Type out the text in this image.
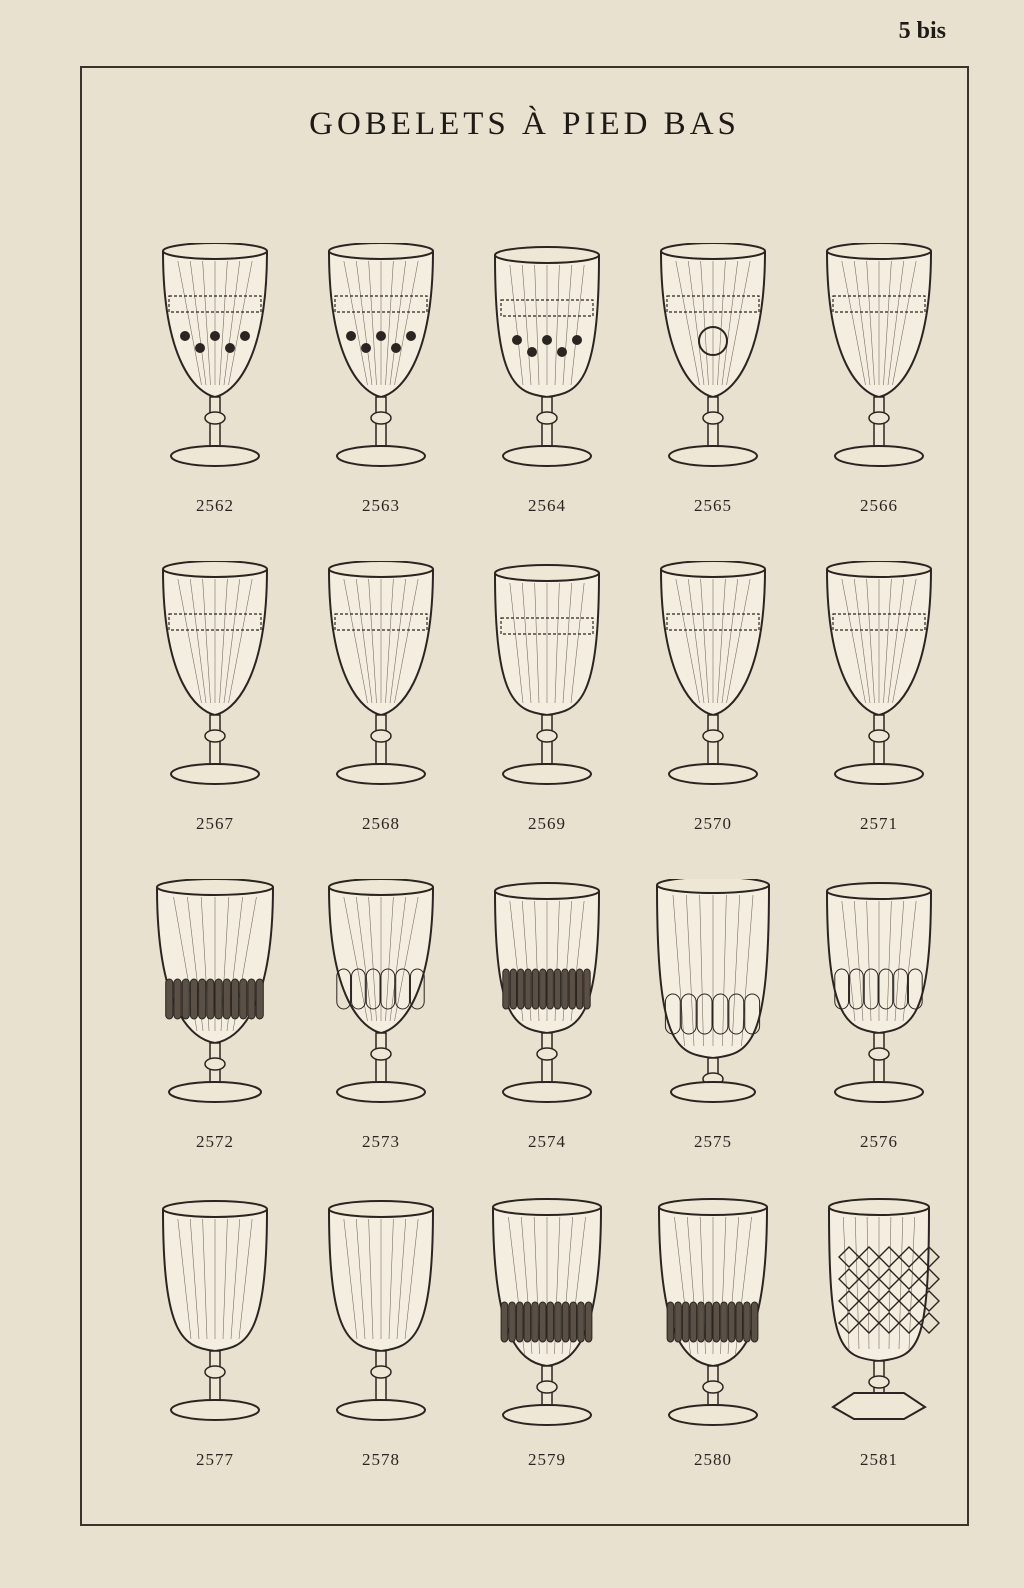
5 bis
GOBELETS À PIED BAS
2562	2563	2564	2565	2566
2567	2568	2569	2570	2571
2572	2573	2574	2575	2576
2577	2578	2579	2580	2581
